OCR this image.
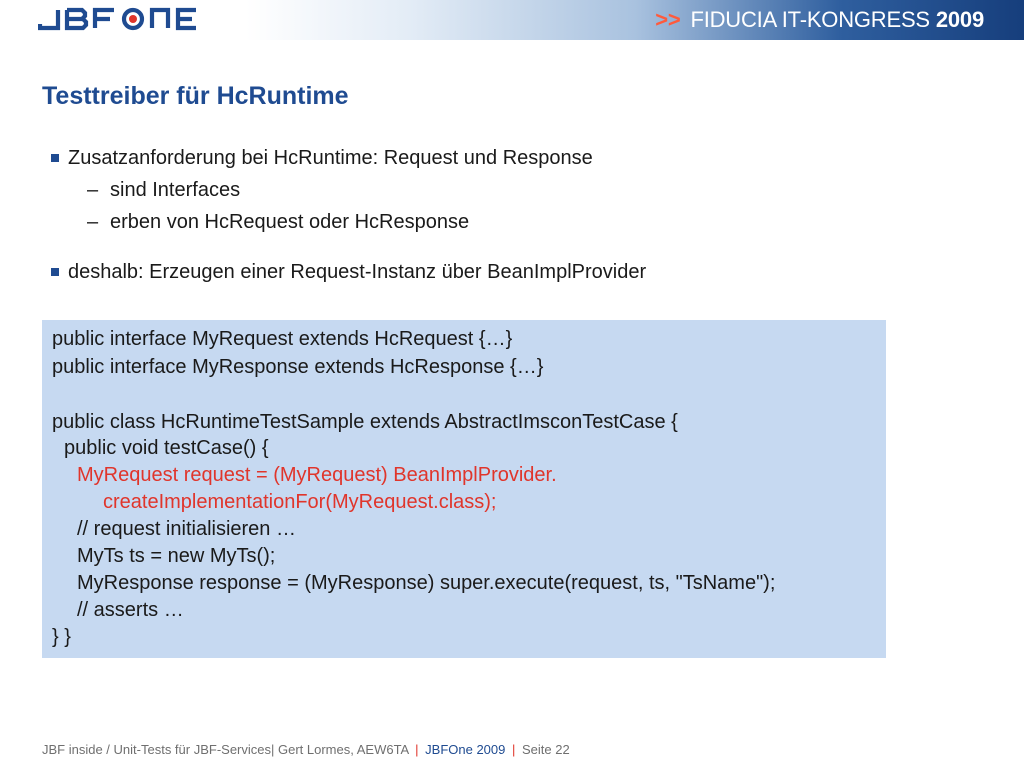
>> FIDUCIA IT-KONGRESS 2009
Testtreiber für HcRuntime
Zusatzanforderung bei HcRuntime: Request und Response
– sind Interfaces
– erben von HcRequest oder HcResponse
deshalb: Erzeugen einer Request-Instanz über BeanImplProvider
public interface MyRequest extends HcRequest {…}
public interface MyResponse extends HcResponse {…}
public class HcRuntimeTestSample extends AbstractImsconTestCase {
public void testCase() {
MyRequest request = (MyRequest) BeanImplProvider.
createImplementationFor(MyRequest.class);
// request initialisieren …
MyTs ts = new MyTs();
MyResponse response = (MyResponse) super.execute(request, ts, "TsName");
// asserts …
} }
JBF inside / Unit-Tests für JBF-Services| Gert Lormes, AEW6TA | JBFOne 2009 | Seite 22
